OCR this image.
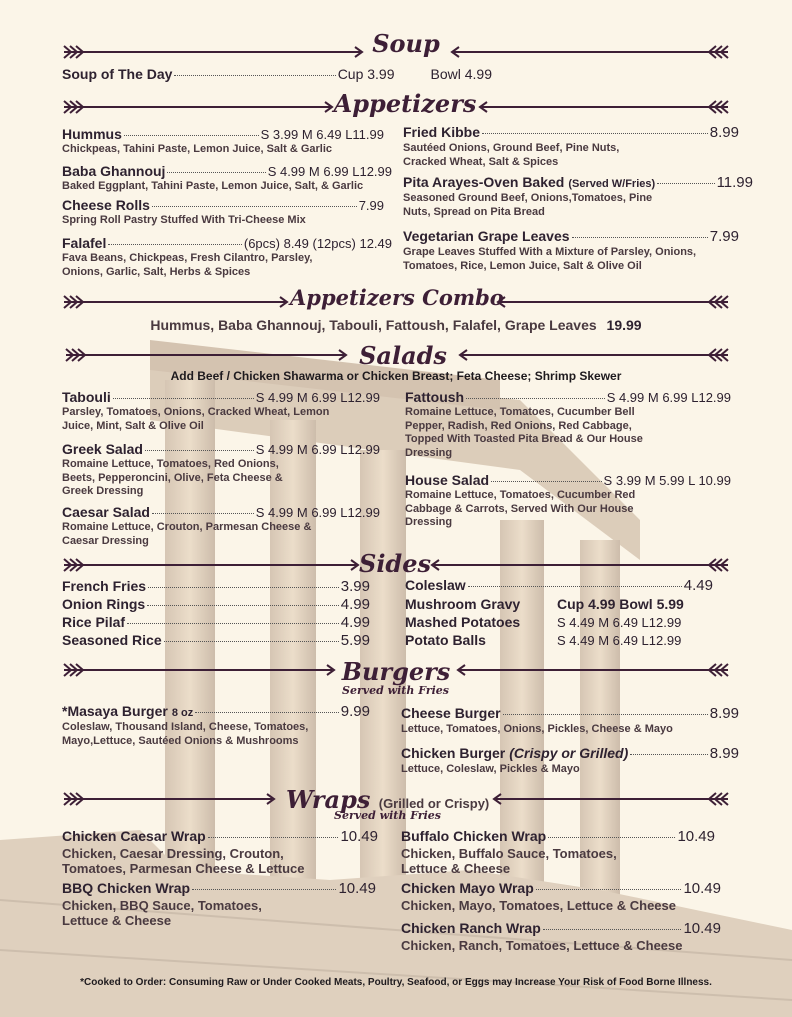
Soup
Soup of The Day	Cup 3.99	Bowl 4.99
Appetizers
Hummus	S 3.99 M 6.49 L11.99
Chickpeas, Tahini Paste, Lemon Juice, Salt & Garlic
Baba Ghannouj	S 4.99 M 6.99 L12.99
Baked Eggplant, Tahini Paste, Lemon Juice, Salt, & Garlic
Cheese Rolls	7.99
Spring Roll Pastry Stuffed With Tri-Cheese Mix
Falafel	(6pcs) 8.49 (12pcs) 12.49
Fava Beans, Chickpeas, Fresh Cilantro, Parsley, Onions, Garlic, Salt, Herbs & Spices
Fried Kibbe	8.99
Sautéed Onions, Ground Beef, Pine Nuts, Cracked Wheat, Salt & Spices
Pita Arayes-Oven Baked (Served W/Fries)	11.99
Seasoned Ground Beef, Onions,Tomatoes, Pine Nuts, Spread on Pita Bread
Vegetarian Grape Leaves	7.99
Grape Leaves Stuffed With a Mixture of Parsley, Onions, Tomatoes, Rice, Lemon Juice, Salt & Olive Oil
Appetizers Combo
Hummus, Baba Ghannouj, Tabouli, Fattoush, Falafel, Grape Leaves 19.99
Salads
Add Beef / Chicken Shawarma or Chicken Breast; Feta Cheese; Shrimp Skewer
Tabouli	S 4.99 M 6.99 L12.99
Parsley, Tomatoes, Onions, Cracked Wheat, Lemon Juice, Mint, Salt & Olive Oil
Greek Salad	S 4.99 M 6.99 L12.99
Romaine Lettuce, Tomatoes, Red Onions, Beets, Pepperoncini, Olive, Feta Cheese & Greek Dressing
Caesar Salad	S 4.99 M 6.99 L12.99
Romaine Lettuce, Crouton, Parmesan Cheese & Caesar Dressing
Fattoush	S 4.99 M 6.99 L12.99
Romaine Lettuce, Tomatoes, Cucumber Bell Pepper, Radish, Red Onions, Red Cabbage, Topped With Toasted Pita Bread & Our House Dressing
House Salad	S 3.99 M 5.99 L 10.99
Romaine Lettuce, Tomatoes, Cucumber Red Cabbage & Carrots, Served With Our House Dressing
Sides
French Fries	3.99
Onion Rings	4.99
Rice Pilaf	4.99
Seasoned Rice	5.99
Coleslaw	4.49
Mushroom Gravy	Cup 4.99 Bowl 5.99
Mashed Potatoes	S 4.49 M 6.49 L12.99
Potato Balls	S 4.49 M 6.49 L12.99
Burgers
Served with Fries
*Masaya Burger 8 oz	9.99
Coleslaw, Thousand Island, Cheese, Tomatoes, Mayo,Lettuce, Sautéed Onions & Mushrooms
Cheese Burger	8.99
Lettuce, Tomatoes, Onions, Pickles, Cheese & Mayo
Chicken Burger (Crispy or Grilled)	8.99
Lettuce, Coleslaw, Pickles & Mayo
Wraps (Grilled or Crispy)
Served with Fries
Chicken Caesar Wrap	10.49
Chicken, Caesar Dressing, Crouton, Tomatoes, Parmesan Cheese & Lettuce
BBQ Chicken Wrap	10.49
Chicken, BBQ Sauce, Tomatoes, Lettuce & Cheese
Buffalo Chicken Wrap	10.49
Chicken, Buffalo Sauce, Tomatoes, Lettuce & Cheese
Chicken Mayo Wrap	10.49
Chicken, Mayo, Tomatoes, Lettuce & Cheese
Chicken Ranch Wrap	10.49
Chicken, Ranch, Tomatoes, Lettuce & Cheese
*Cooked to Order: Consuming Raw or Under Cooked Meats, Poultry, Seafood, or Eggs may Increase Your Risk of Food Borne Illness.
